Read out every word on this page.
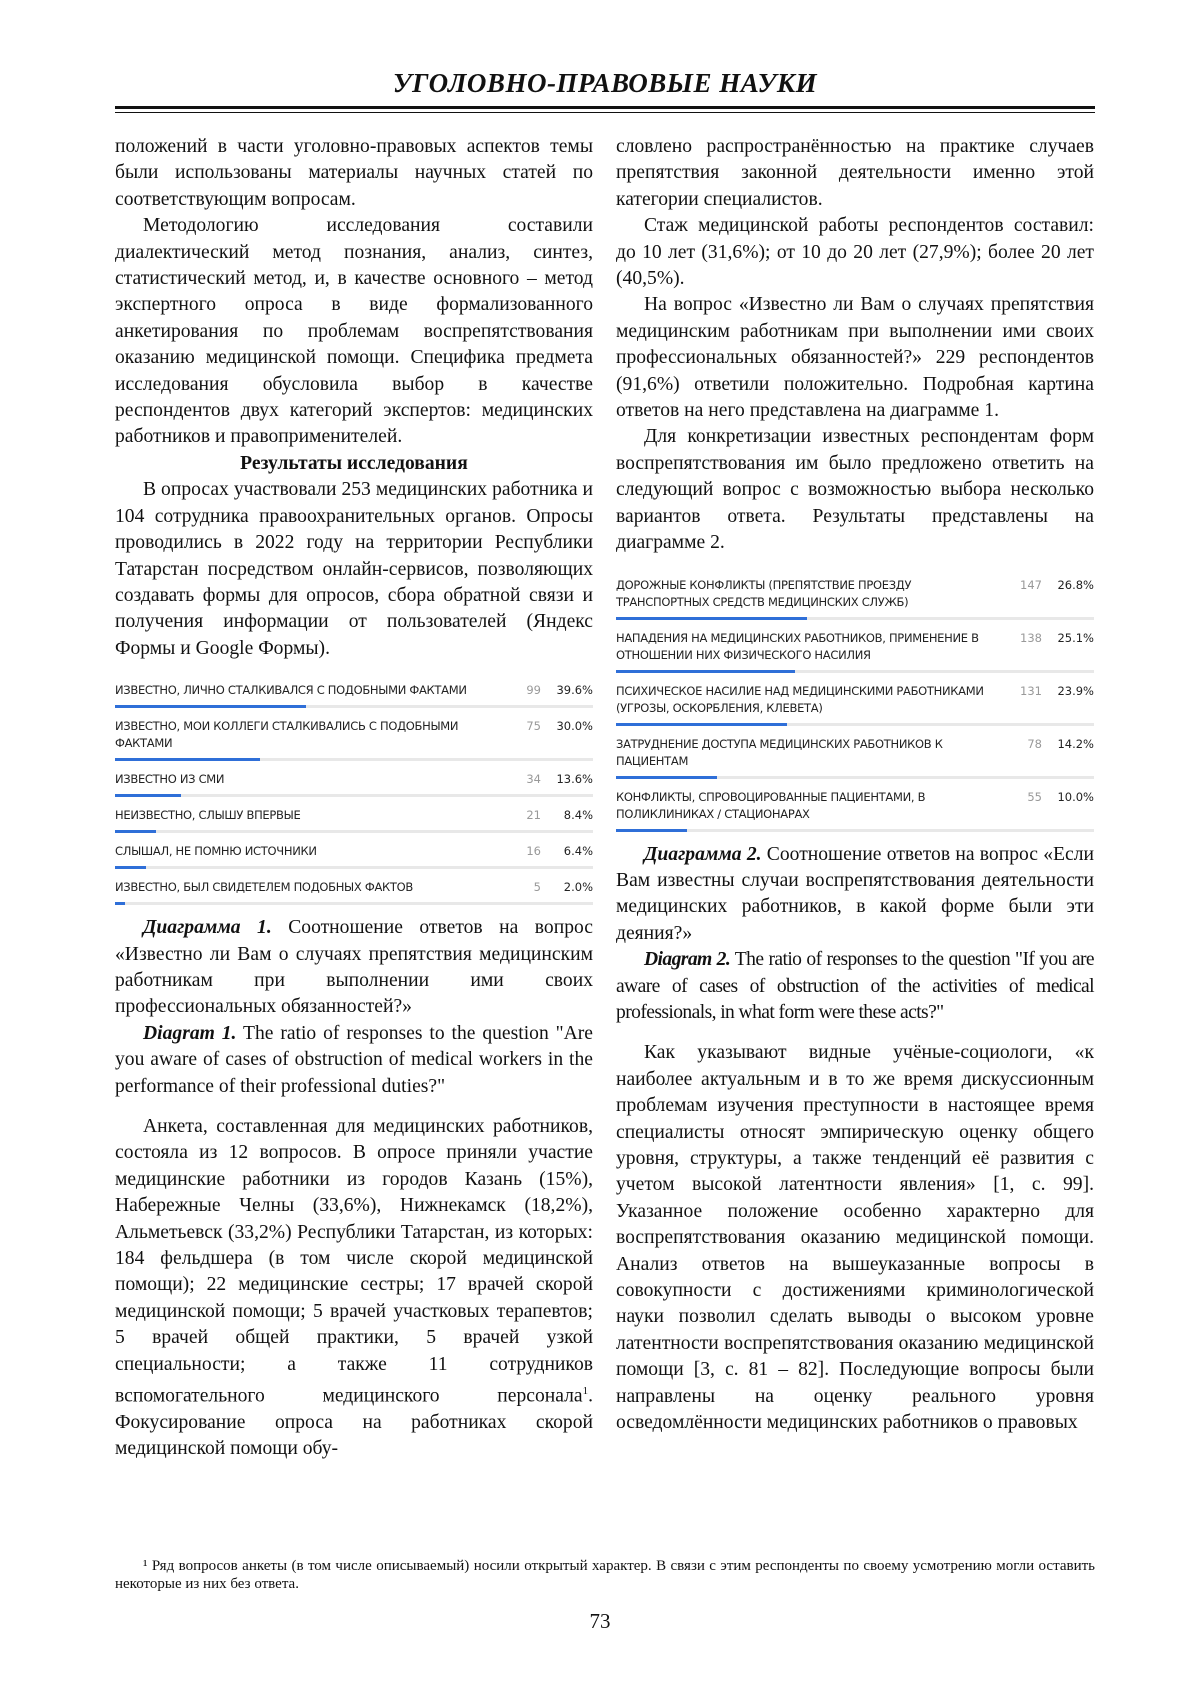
УГОЛОВНО-ПРАВОВЫЕ НАУКИ

положений в части уголовно-правовых аспектов темы были использованы материалы научных статей по соответствующим вопросам.

Методологию исследования составили диалектический метод познания, анализ, синтез, статистический метод, и, в качестве основного – метод экспертного опроса в виде формализованного анкетирования по проблемам воспрепятствования оказанию медицинской помощи. Специфика предмета исследования обусловила выбор в качестве респондентов двух категорий экспертов: медицинских работников и правоприменителей.

Результаты исследования

В опросах участвовали 253 медицинских работника и 104 сотрудника правоохранительных органов. Опросы проводились в 2022 году на территории Республики Татарстан посредством онлайн-сервисов, позволяющих создавать формы для опросов, сбора обратной связи и получения информации от пользователей (Яндекс Формы и Google Формы).

ИЗВЕСТНО, ЛИЧНО СТАЛКИВАЛСЯ С ПОДОБНЫМИ ФАКТАМИ	99	39.6%
ИЗВЕСТНО, МОИ КОЛЛЕГИ СТАЛКИВАЛИСЬ С ПОДОБНЫМИ ФАКТАМИ
75	30.0%
ИЗВЕСТНО ИЗ СМИ	34	13.6%
НЕИЗВЕСТНО, СЛЫШУ ВПЕРВЫЕ	21	8.4%
СЛЫШАЛ, НЕ ПОМНЮ ИСТОЧНИКИ	16	6.4%
ИЗВЕСТНО, БЫЛ СВИДЕТЕЛЕМ ПОДОБНЫХ ФАКТОВ	5	2.0%

Диаграмма 1. Соотношение ответов на вопрос «Известно ли Вам о случаях препятствия медицинским работникам при выполнении ими своих профессиональных обязанностей?»

Diagram 1. The ratio of responses to the question "Are you aware of cases of obstruction of medical workers in the performance of their professional duties?"

Анкета, составленная для медицинских работников, состояла из 12 вопросов. В опросе приняли участие медицинские работники из городов Казань (15%), Набережные Челны (33,6%), Нижнекамск (18,2%), Альметьевск (33,2%) Республики Татарстан, из которых: 184 фельдшера (в том числе скорой медицинской помощи); 22 медицинские сестры; 17 врачей скорой медицинской помощи; 5 врачей участковых терапевтов; 5 врачей общей практики, 5 врачей узкой специальности; а также 11 сотрудников вспомогательного медицинского персонала1. Фокусирование опроса на работниках скорой медицинской помощи обу-

словлено распространённостью на практике случаев препятствия законной деятельности именно этой категории специалистов.

Стаж медицинской работы респондентов составил: до 10 лет (31,6%); от 10 до 20 лет (27,9%); более 20 лет (40,5%).

На вопрос «Известно ли Вам о случаях препятствия медицинским работникам при выполнении ими своих профессиональных обязанностей?» 229 респондентов (91,6%) ответили положительно. Подробная картина ответов на него представлена на диаграмме 1.

Для конкретизации известных респондентам форм воспрепятствования им было предложено ответить на следующий вопрос с возможностью выбора несколько вариантов ответа. Результаты представлены на диаграмме 2.

ДОРОЖНЫЕ КОНФЛИКТЫ (ПРЕПЯТСТВИЕ ПРОЕЗДУ ТРАНСПОРТНЫХ СРЕДСТВ МЕДИЦИНСКИХ СЛУЖБ)
147	26.8%
НАПАДЕНИЯ НА МЕДИЦИНСКИХ РАБОТНИКОВ, ПРИМЕНЕНИЕ В ОТНОШЕНИИ НИХ ФИЗИЧЕСКОГО НАСИЛИЯ
138	25.1%
ПСИХИЧЕСКОЕ НАСИЛИЕ НАД МЕДИЦИНСКИМИ РАБОТНИКАМИ (УГРОЗЫ, ОСКОРБЛЕНИЯ, КЛЕВЕТА)
131	23.9%
ЗАТРУДНЕНИЕ ДОСТУПА МЕДИЦИНСКИХ РАБОТНИКОВ К ПАЦИЕНТАМ
78	14.2%
КОНФЛИКТЫ, СПРОВОЦИРОВАННЫЕ ПАЦИЕНТАМИ, В ПОЛИКЛИНИКАХ / СТАЦИОНАРАХ
55	10.0%

Диаграмма 2. Соотношение ответов на вопрос «Если Вам известны случаи воспрепятствования деятельности медицинских работников, в какой форме были эти деяния?»

Diagram 2. The ratio of responses to the question "If you are aware of cases of obstruction of the activities of medical professionals, in what form were these acts?"

Как указывают видные учёные-социологи, «к наиболее актуальным и в то же время дискуссионным проблемам изучения преступности в настоящее время специалисты относят эмпирическую оценку общего уровня, структуры, а также тенденций её развития с учетом высокой латентности явления» [1, с. 99]. Указанное положение особенно характерно для воспрепятствования оказанию медицинской помощи. Анализ ответов на вышеуказанные вопросы в совокупности с достижениями криминологической науки позволил сделать выводы о высоком уровне латентности воспрепятствования оказанию медицинской помощи [3, с. 81 – 82]. Последующие вопросы были направлены на оценку реального уровня осведомлённости медицинских работников о правовых

¹ Ряд вопросов анкеты (в том числе описываемый) носили открытый характер. В связи с этим респонденты по своему усмотрению могли оставить некоторые из них без ответа.
73
